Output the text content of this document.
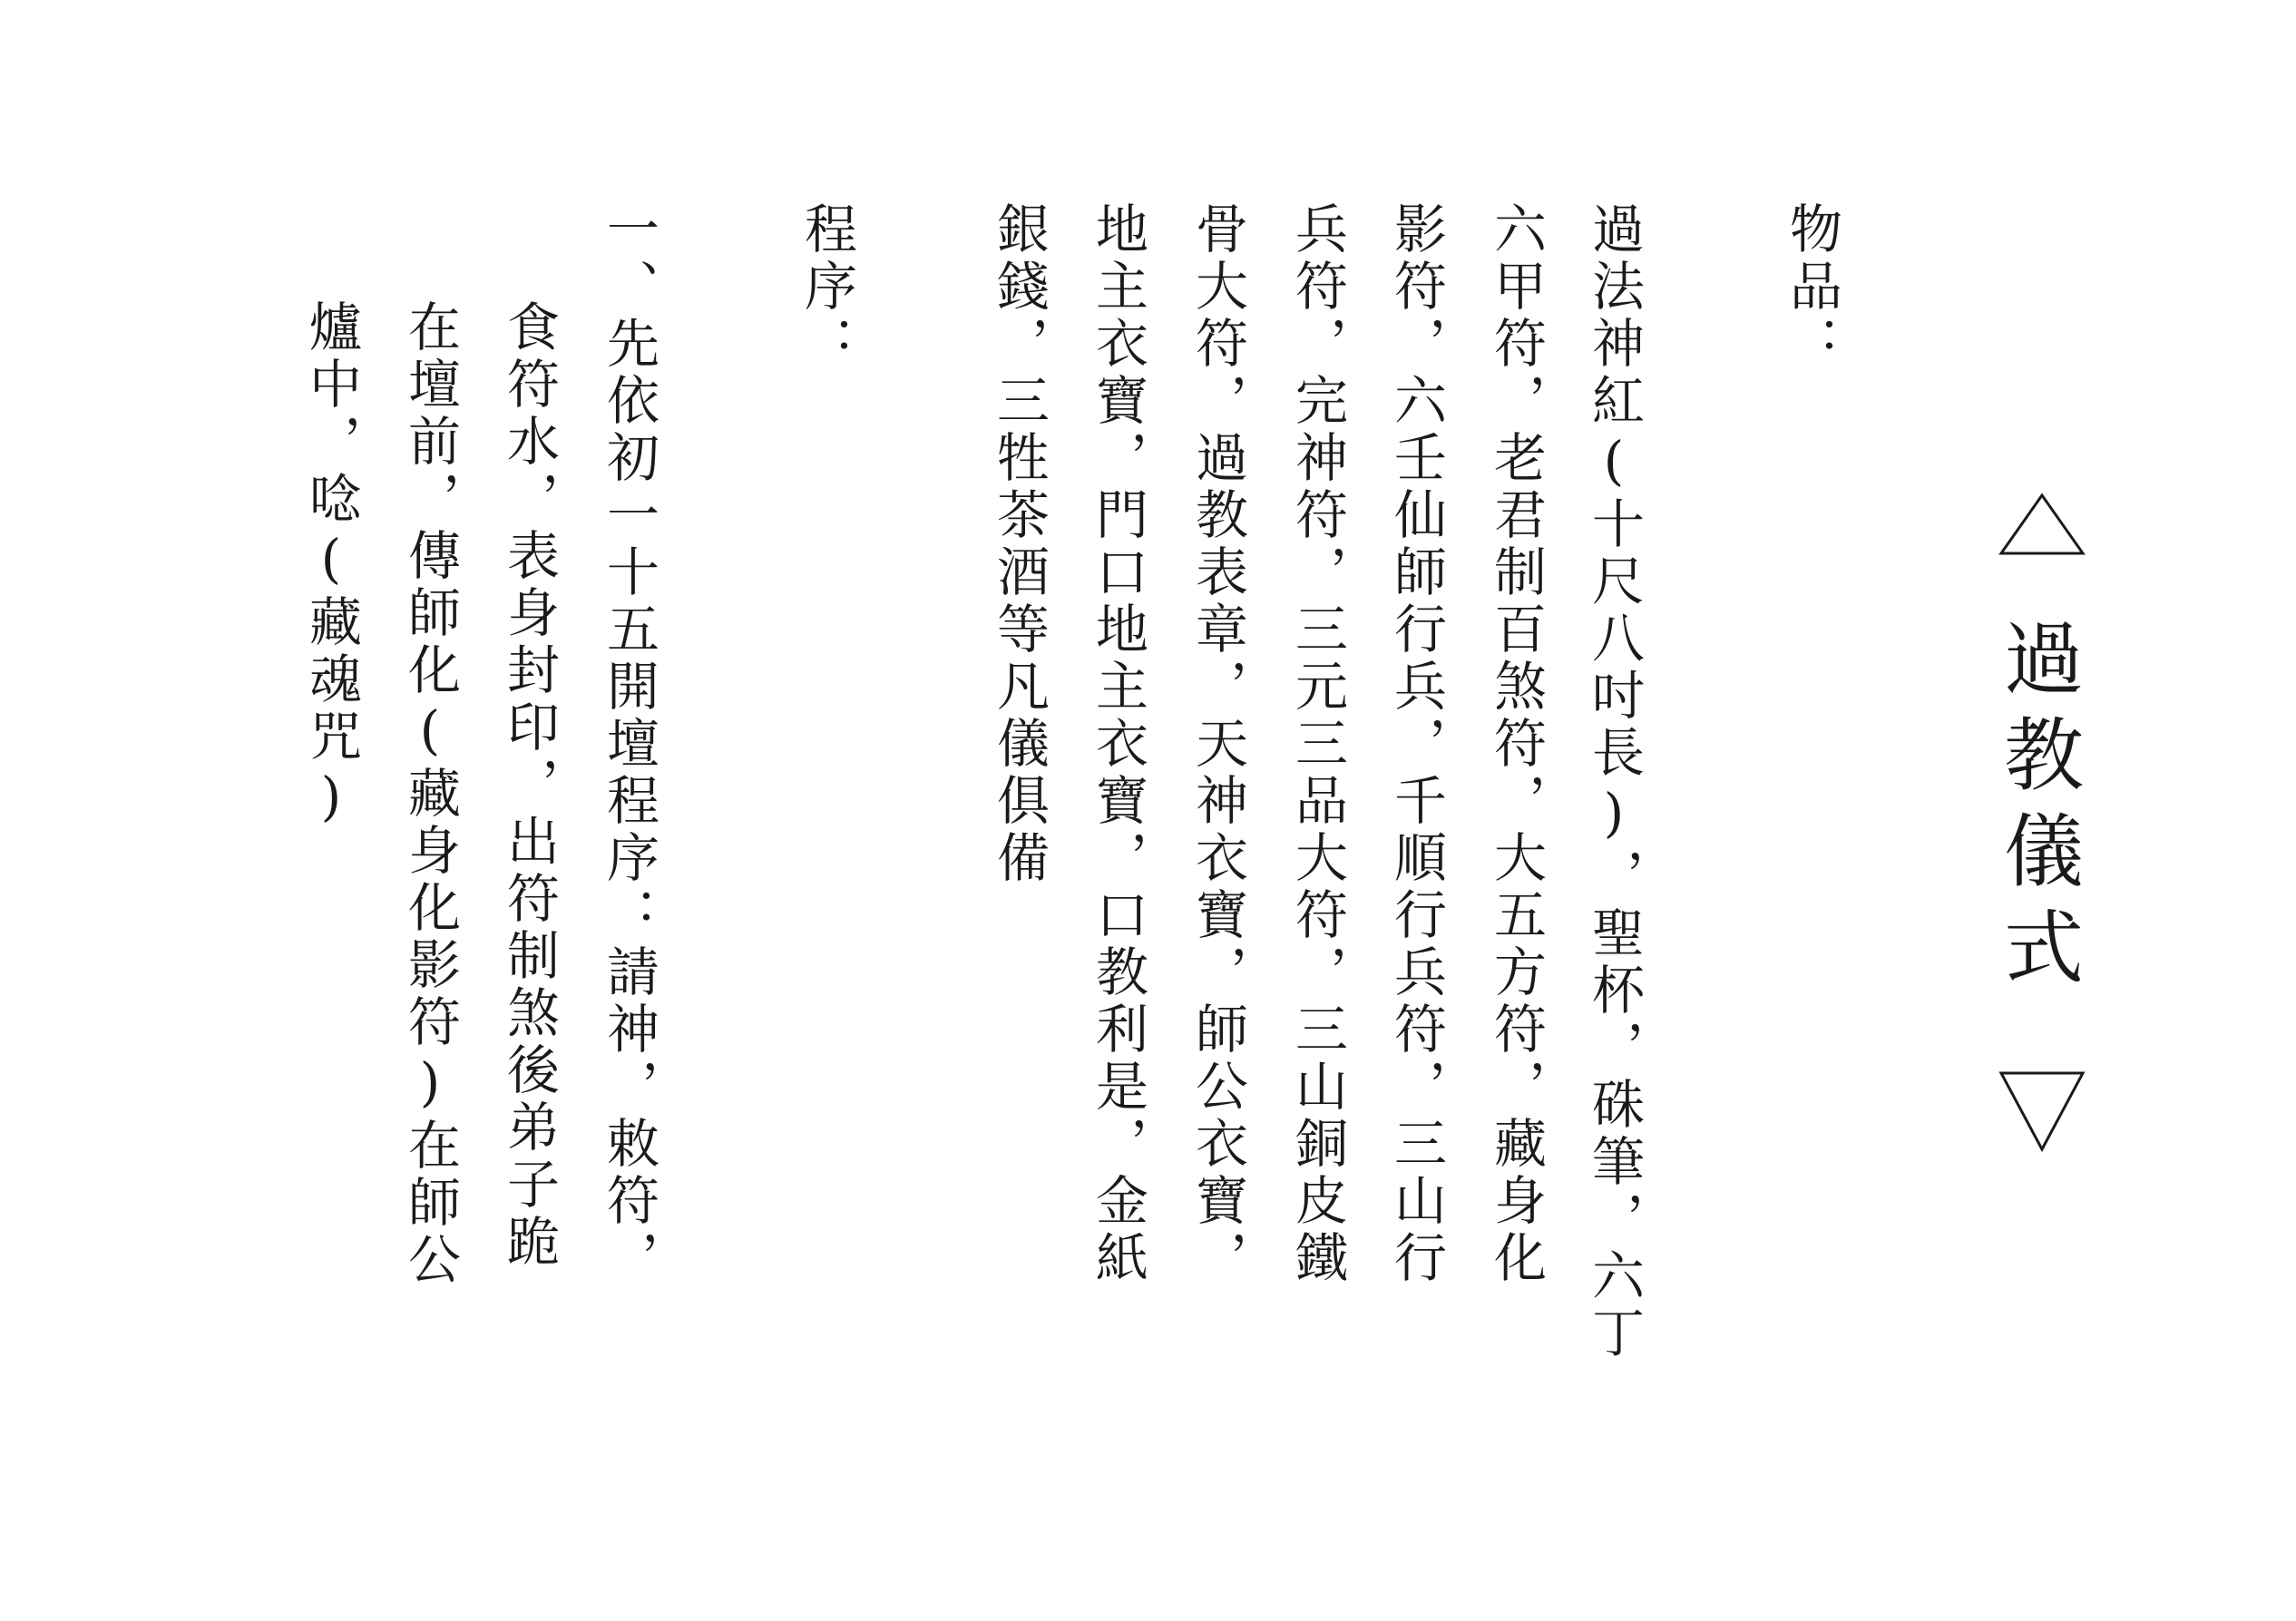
過教儀式
物品：
過法神紅(十尺八吋長)，聖杯，硃筆，六丁
六甲符，老君制百煞符，大五方符，藏身化
影符，六壬仙師行兵，千順行兵符，三山行
兵符，完神符，三元三品大符，三山銅皮鐵
骨大符，過教表章，天神衣寶，師公衣寶，
地主衣寶，門口地主衣寶，口教利是，金紙
銀錢，三牲茶酒等凡儀俱備
程序：
一、先依初一十五開壇程序：請神，敕符，
食符水，表身封印，出符制煞後弟子跪
在壇前，傳師化(藏身化影符)在師公
爐中，唸(藏魂咒)
